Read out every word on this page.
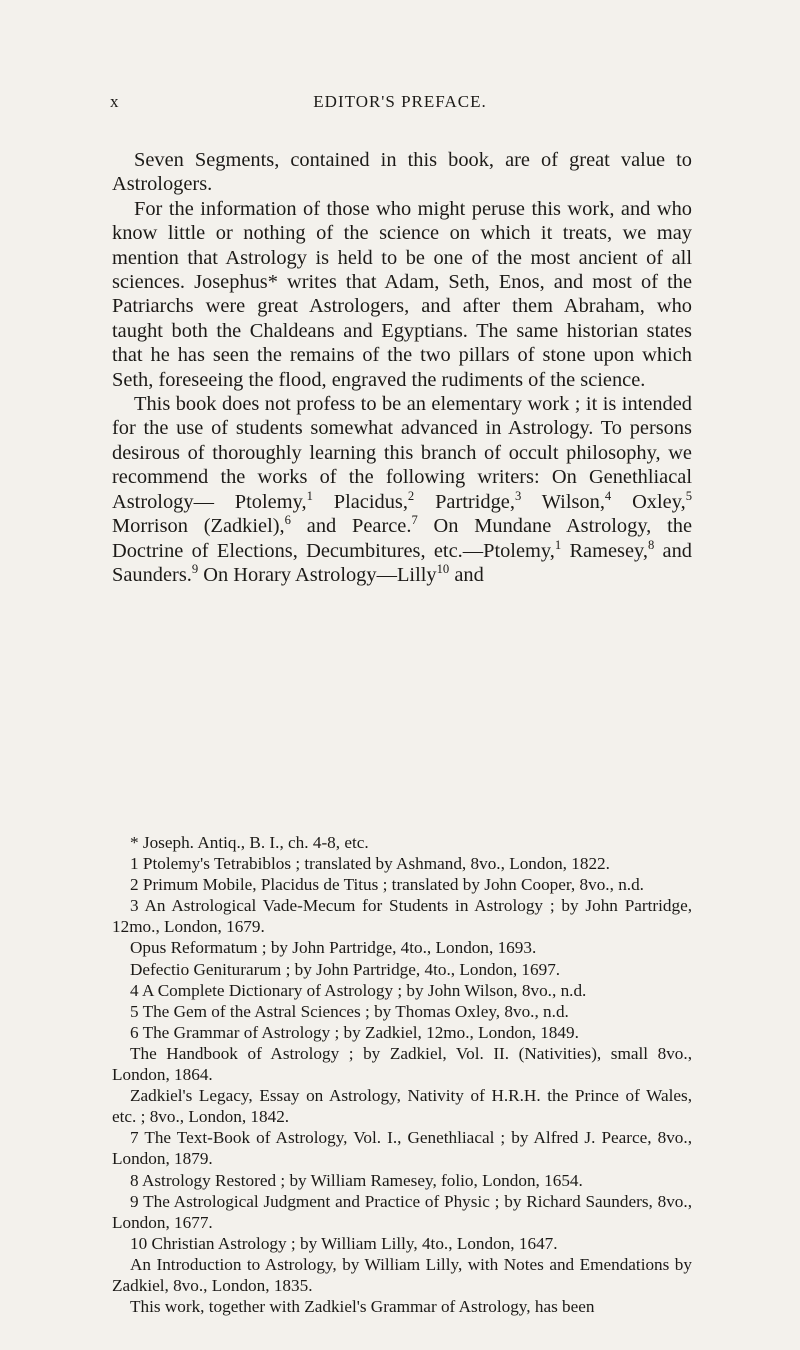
x	EDITOR'S PREFACE.

Seven Segments, contained in this book, are of great value to Astrologers.

For the information of those who might peruse this work, and who know little or nothing of the science on which it treats, we may mention that Astrology is held to be one of the most ancient of all sciences. Josephus* writes that Adam, Seth, Enos, and most of the Patriarchs were great Astrologers, and after them Abraham, who taught both the Chaldeans and Egyptians. The same historian states that he has seen the remains of the two pillars of stone upon which Seth, foreseeing the flood, engraved the rudiments of the science.

This book does not profess to be an elementary work ; it is intended for the use of students somewhat advanced in Astrology. To persons desirous of thoroughly learning this branch of occult philosophy, we recommend the works of the following writers: On Genethliacal Astrology— Ptolemy,$^1$ Placidus,$^2$ Partridge,$^3$ Wilson,$^4$ Oxley,$^5$ Morrison (Zadkiel),$^6$ and Pearce.$^7$ On Mundane Astrology, the Doctrine of Elections, Decumbitures, etc.—Ptolemy,$^1$ Ramesey,$^8$ and Saunders.$^9$ On Horary Astrology—Lilly$^{10}$ and

* Joseph. Antiq., B. I., ch. 4-8, etc.

1 Ptolemy's Tetrabiblos ; translated by Ashmand, 8vo., London, 1822.

2 Primum Mobile, Placidus de Titus ; translated by John Cooper, 8vo., n.d.

3 An Astrological Vade-Mecum for Students in Astrology ; by John Partridge, 12mo., London, 1679.

Opus Reformatum ; by John Partridge, 4to., London, 1693.

Defectio Geniturarum ; by John Partridge, 4to., London, 1697.

4 A Complete Dictionary of Astrology ; by John Wilson, 8vo., n.d.

5 The Gem of the Astral Sciences ; by Thomas Oxley, 8vo., n.d.

6 The Grammar of Astrology ; by Zadkiel, 12mo., London, 1849.

The Handbook of Astrology ; by Zadkiel, Vol. II. (Nativities), small 8vo., London, 1864.

Zadkiel's Legacy, Essay on Astrology, Nativity of H.R.H. the Prince of Wales, etc. ; 8vo., London, 1842.

7 The Text-Book of Astrology, Vol. I., Genethliacal ; by Alfred J. Pearce, 8vo., London, 1879.

8 Astrology Restored ; by William Ramesey, folio, London, 1654.

9 The Astrological Judgment and Practice of Physic ; by Richard Saunders, 8vo., London, 1677.

10 Christian Astrology ; by William Lilly, 4to., London, 1647.

An Introduction to Astrology, by William Lilly, with Notes and Emendations by Zadkiel, 8vo., London, 1835.

This work, together with Zadkiel's Grammar of Astrology, has been
